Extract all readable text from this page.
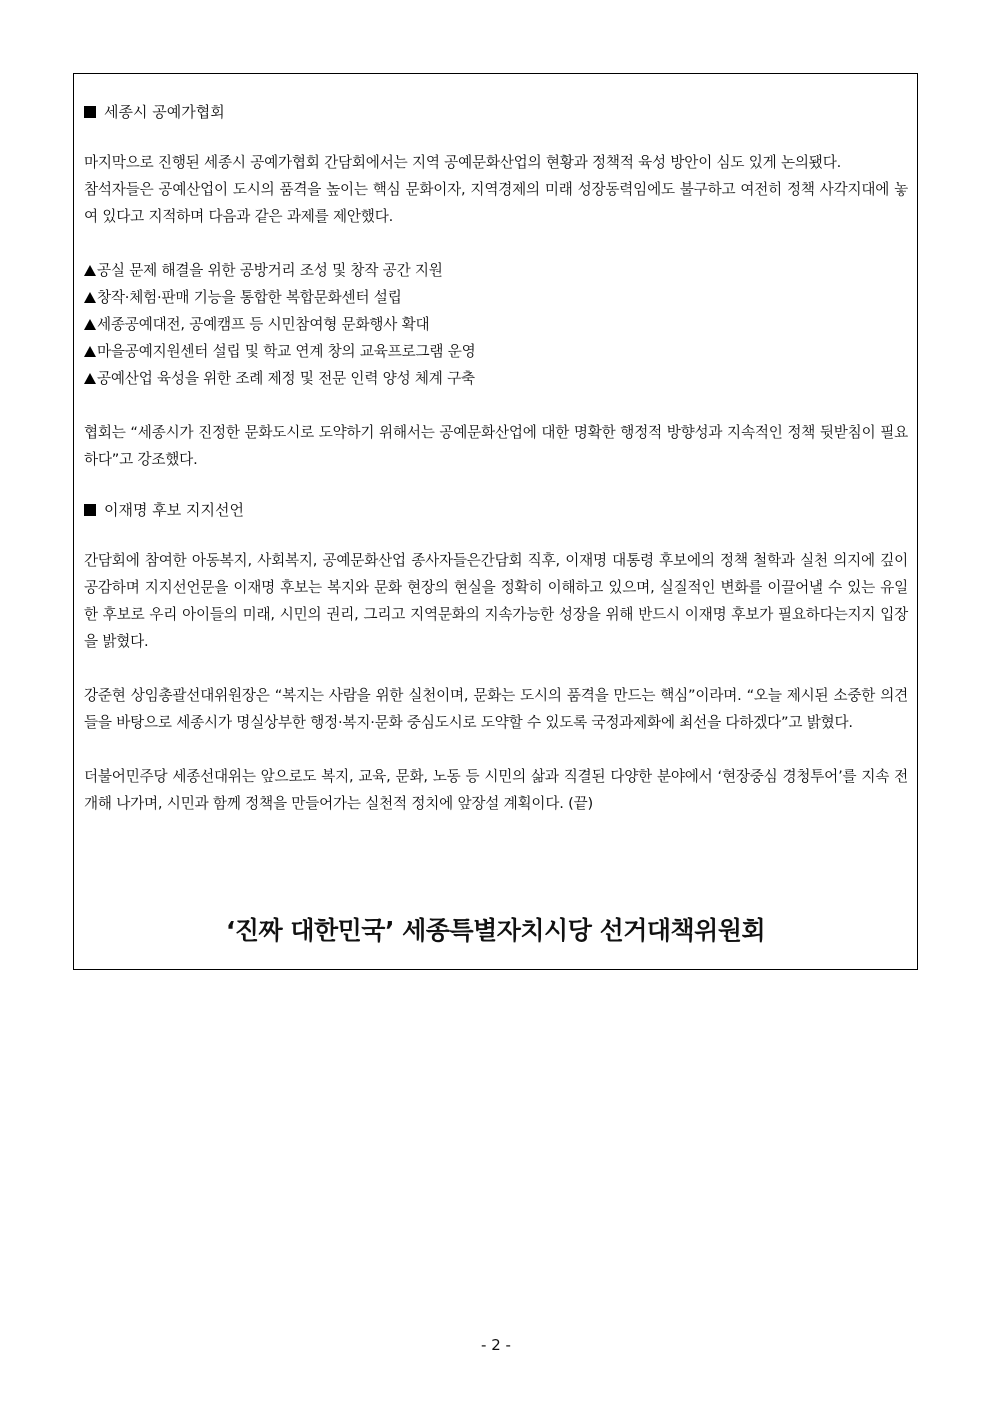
세종시 공예가협회

마지막으로 진행된 세종시 공예가협회 간담회에서는 지역 공예문화산업의 현황과 정책적 육성 방안이 심도 있게 논의됐다.

참석자들은 공예산업이 도시의 품격을 높이는 핵심 문화이자, 지역경제의 미래 성장동력임에도 불구하고 여전히 정책 사각지대에 놓여 있다고 지적하며 다음과 같은 과제를 제안했다.

공실 문제 해결을 위한 공방거리 조성 및 창작 공간 지원
창작·체험·판매 기능을 통합한 복합문화센터 설립
세종공예대전, 공예캠프 등 시민참여형 문화행사 확대
마을공예지원센터 설립 및 학교 연계 창의 교육프로그램 운영
공예산업 육성을 위한 조례 제정 및 전문 인력 양성 체계 구축

협회는 “세종시가 진정한 문화도시로 도약하기 위해서는 공예문화산업에 대한 명확한 행정적 방향성과 지속적인 정책 뒷받침이 필요하다”고 강조했다.

이재명 후보 지지선언

간담회에 참여한 아동복지, 사회복지, 공예문화산업 종사자들은간담회 직후, 이재명 대통령 후보에의 정책 철학과 실천 의지에 깊이 공감하며 지지선언문을 이재명 후보는 복지와 문화 현장의 현실을 정확히 이해하고 있으며, 실질적인 변화를 이끌어낼 수 있는 유일한 후보로 우리 아이들의 미래, 시민의 권리, 그리고 지역문화의 지속가능한 성장을 위해 반드시 이재명 후보가 필요하다는지지 입장을 밝혔다.

강준현 상임총괄선대위원장은 “복지는 사람을 위한 실천이며, 문화는 도시의 품격을 만드는 핵심”이라며. “오늘 제시된 소중한 의견들을 바탕으로 세종시가 명실상부한 행정·복지·문화 중심도시로 도약할 수 있도록 국정과제화에 최선을 다하겠다”고 밝혔다.

더불어민주당 세종선대위는 앞으로도 복지, 교육, 문화, 노동 등 시민의 삶과 직결된 다양한 분야에서 ‘현장중심 경청투어’를 지속 전개해 나가며, 시민과 함께 정책을 만들어가는 실천적 정치에 앞장설 계획이다. (끝)

‘진짜 대한민국’ 세종특별자치시당 선거대책위원회
- 2 -
